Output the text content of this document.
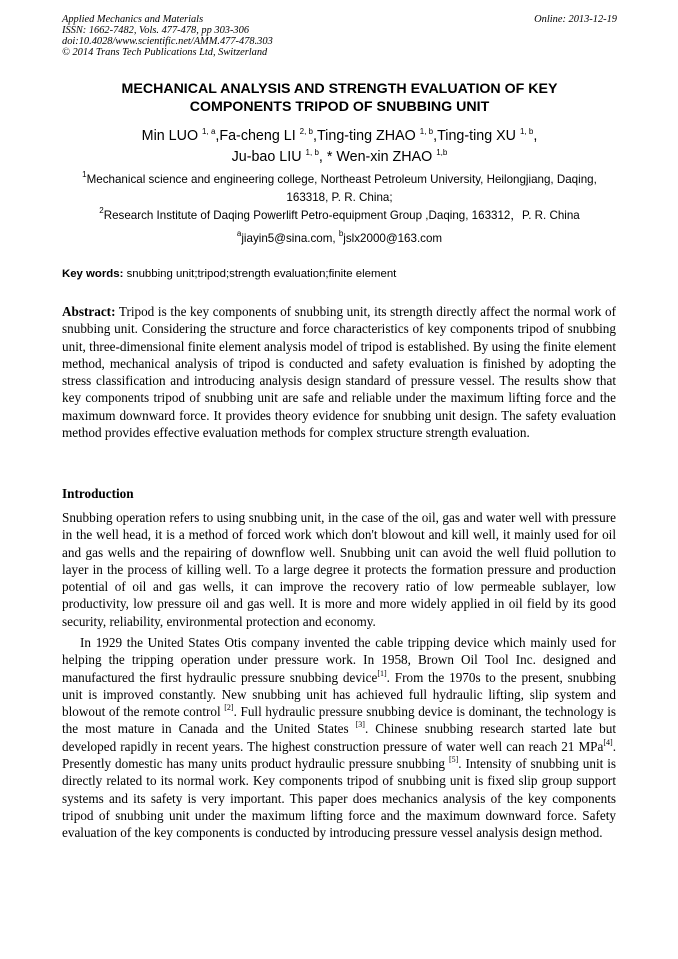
Applied Mechanics and Materials
ISSN: 1662-7482, Vols. 477-478, pp 303-306
doi:10.4028/www.scientific.net/AMM.477-478.303
© 2014 Trans Tech Publications Ltd, Switzerland
Online: 2013-12-19
MECHANICAL ANALYSIS AND STRENGTH EVALUATION OF KEY
COMPONENTS TRIPOD OF SNUBBING UNIT
Min LUO $^{1, a}$,Fa-cheng LI $^{2, b}$,Ting-ting ZHAO $^{1, b}$,Ting-ting XU $^{1, b}$,
Ju-bao LIU $^{1, b}$, * Wen-xin ZHAO $^{1,b}$
$^1$Mechanical science and engineering college, Northeast Petroleum University, Heilongjiang, Daqing, 163318, P. R. China;
$^2$Research Institute of Daqing Powerlift Petro-equipment Group ,Daqing, 163312，P. R. China
$^a$jiayin5@sina.com, $^b$jslx2000@163.com
Key words: snubbing unit;tripod;strength evaluation;finite element
Abstract: Tripod is the key components of snubbing unit, its strength directly affect the normal work of snubbing unit. Considering the structure and force characteristics of key components tripod of snubbing unit, three-dimensional finite element analysis model of tripod is established. By using the finite element method, mechanical analysis of tripod is conducted and safety evaluation is finished by adopting the stress classification and introducing analysis design standard of pressure vessel. The results show that key components tripod of snubbing unit are safe and reliable under the maximum lifting force and the maximum downward force. It provides theory evidence for snubbing unit design. The safety evaluation method provides effective evaluation methods for complex structure strength evaluation.
Introduction
Snubbing operation refers to using snubbing unit, in the case of the oil, gas and water well with pressure in the well head, it is a method of forced work which don't blowout and kill well, it mainly used for oil and gas wells and the repairing of downflow well. Snubbing unit can avoid the well fluid pollution to layer in the process of killing well. To a large degree it protects the formation pressure and production potential of oil and gas wells, it can improve the recovery ratio of low permeable sublayer, low productivity, low pressure oil and gas well. It is more and more widely applied in oil field by its good security, reliability, environmental protection and economy.
In 1929 the United States Otis company invented the cable tripping device which mainly used for helping the tripping operation under pressure work. In 1958, Brown Oil Tool Inc. designed and manufactured the first hydraulic pressure snubbing device[1]. From the 1970s to the present, snubbing unit is improved constantly. New snubbing unit has achieved full hydraulic lifting, slip system and blowout of the remote control [2]. Full hydraulic pressure snubbing device is dominant, the technology is the most mature in Canada and the United States [3]. Chinese snubbing research started late but developed rapidly in recent years. The highest construction pressure of water well can reach 21 MPa[4]. Presently domestic has many units product hydraulic pressure snubbing [5]. Intensity of snubbing unit is directly related to its normal work. Key components tripod of snubbing unit is fixed slip group support systems and its safety is very important. This paper does mechanics analysis of the key components tripod of snubbing unit under the maximum lifting force and the maximum downward force. Safety evaluation of the key components is conducted by introducing pressure vessel analysis design method.
